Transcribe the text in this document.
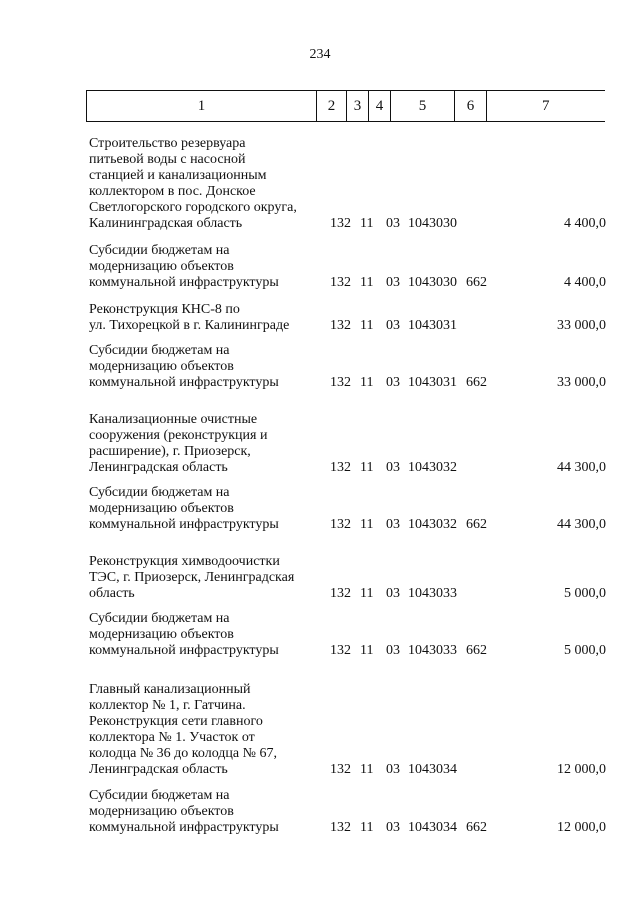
234
1	2	3	4	5	6	7
Строительство резервуара
питьевой воды с насосной
станцией и канализационным
коллектором в пос. Донское
Светлогорского городского округа,
Калининградская область	132 11 03 1043030	4 400,0
Субсидии бюджетам на
модернизацию объектов
коммунальной инфраструктуры	132 11 03 1043030 662	4 400,0
Реконструкция КНС-8 по
ул. Тихорецкой в г. Калининграде	132 11 03 1043031	33 000,0
Субсидии бюджетам на
модернизацию объектов
коммунальной инфраструктуры	132 11 03 1043031 662	33 000,0
Канализационные очистные
сооружения (реконструкция и
расширение), г. Приозерск,
Ленинградская область	132 11 03 1043032	44 300,0
Субсидии бюджетам на
модернизацию объектов
коммунальной инфраструктуры	132 11 03 1043032 662	44 300,0
Реконструкция химводоочистки
ТЭС, г. Приозерск, Ленинградская
область	132 11 03 1043033	5 000,0
Субсидии бюджетам на
модернизацию объектов
коммунальной инфраструктуры	132 11 03 1043033 662	5 000,0
Главный канализационный
коллектор № 1, г. Гатчина.
Реконструкция сети главного
коллектора № 1. Участок от
колодца № 36 до колодца № 67,
Ленинградская область	132 11 03 1043034	12 000,0
Субсидии бюджетам на
модернизацию объектов
коммунальной инфраструктуры	132 11 03 1043034 662	12 000,0
